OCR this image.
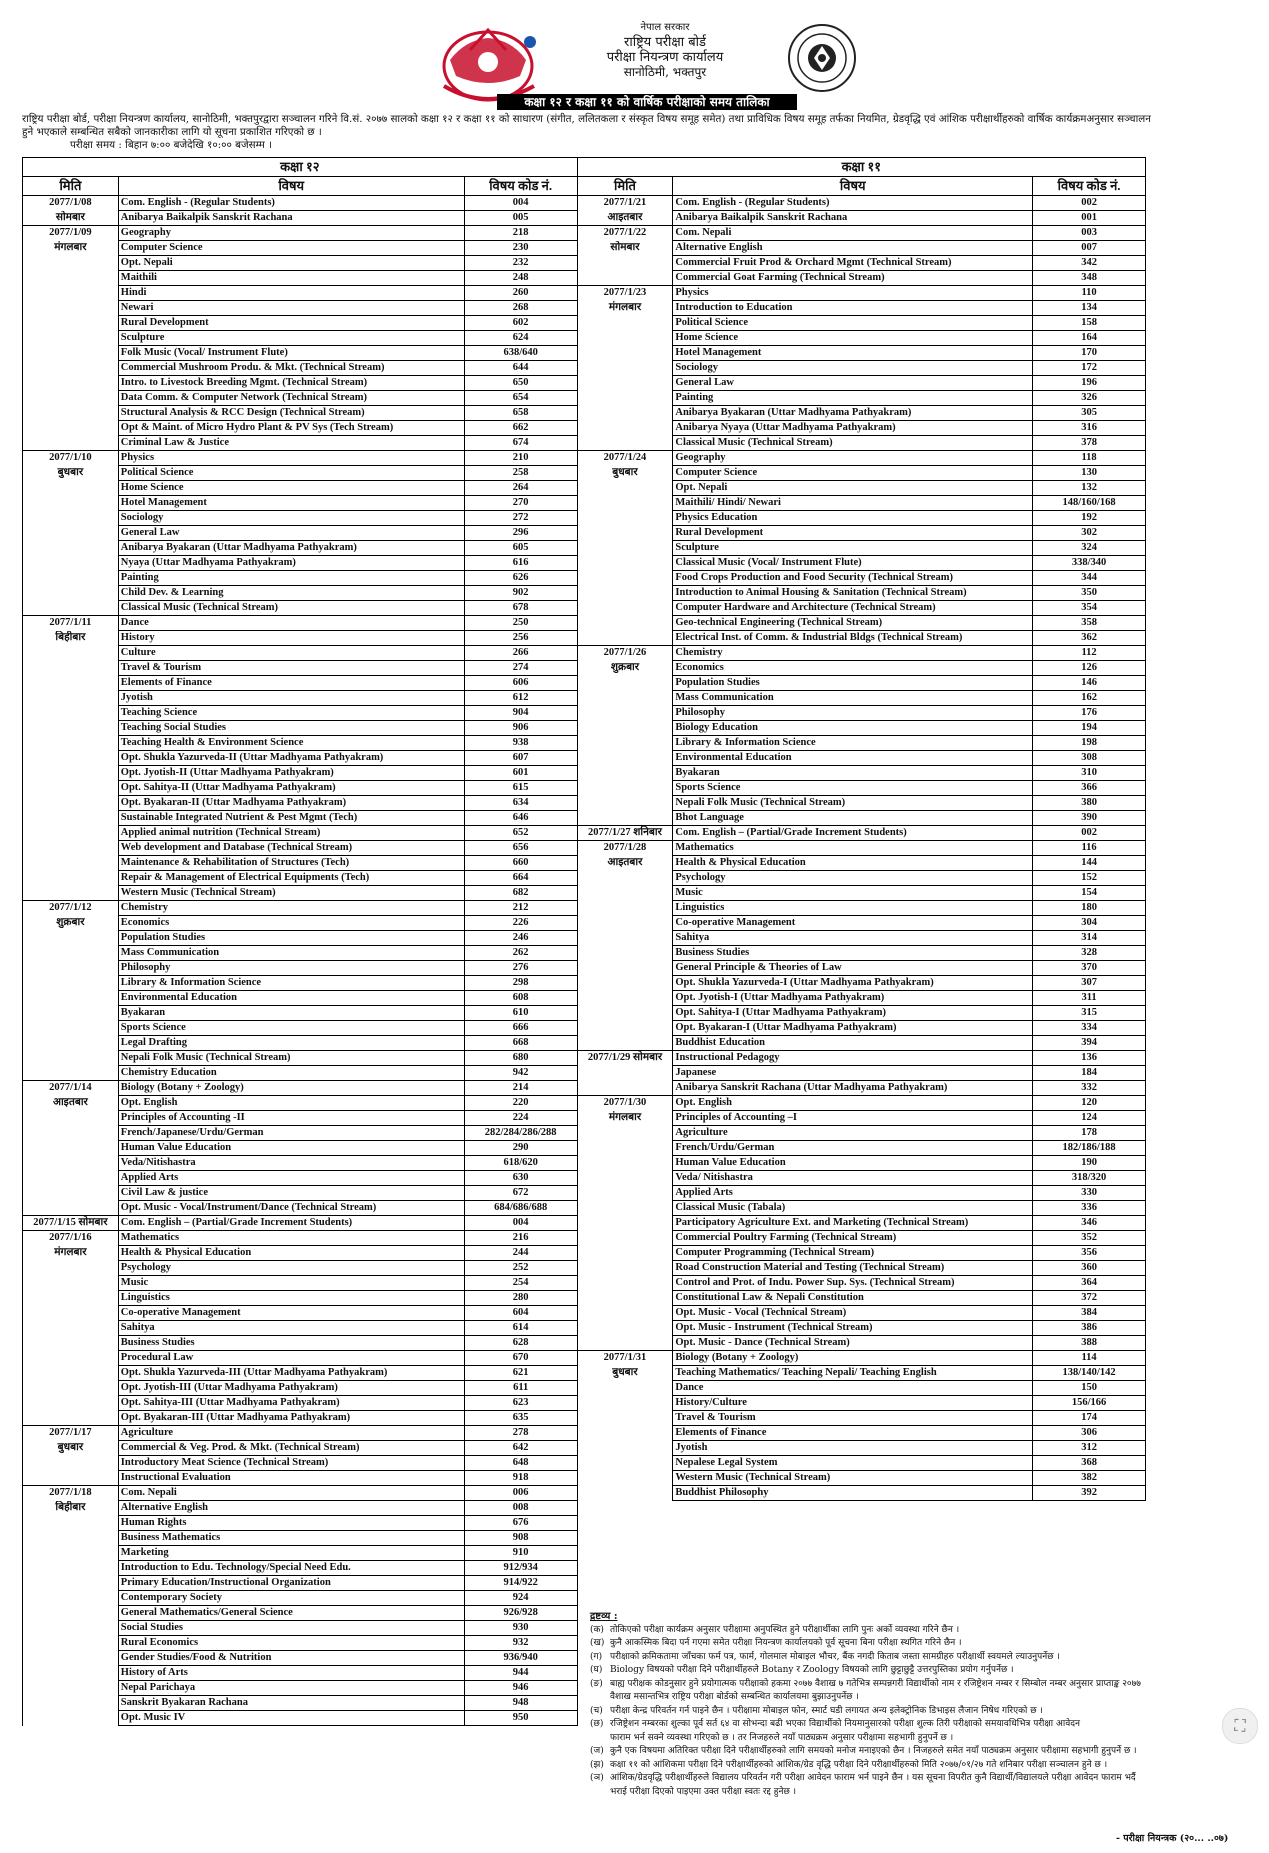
नेपाल सरकार
राष्ट्रिय परीक्षा बोर्ड
परीक्षा नियन्त्रण कार्यालय
सानोठिमी, भक्तपुर
कक्षा १२ र कक्षा ११ को वार्षिक परीक्षाको समय तालिका
राष्ट्रिय परीक्षा बोर्ड, परीक्षा नियन्त्रण कार्यालय, सानोठिमी, भक्तपुरद्वारा सञ्चालन गरिने वि.सं. २०७७ सालको कक्षा १२ र कक्षा ११ को साधारण (संगीत, ललितकला र संस्कृत विषय समूह समेत) तथा प्राविधिक विषय समूह तर्फका नियमित, ग्रेडवृद्धि एवं आंशिक परीक्षार्थीहरुको वार्षिक कार्यक्रमअनुसार सञ्चालन हुने भएकाले सम्बन्धित सबैको जानकारीका लागि यो सूचना प्रकाशित गरिएको छ ।
परीक्षा समय : बिहान ७:०० बजेदेखि १०:०० बजेसम्म ।
कक्षा १२			कक्षा ११		
मिति	विषय	विषय कोड नं.	मिति	विषय	विषय कोड नं.
2077/1/08	Com. English - (Regular Students)	004	2077/1/21	Com. English - (Regular Students)	002
सोमबार	Anibarya Baikalpik Sanskrit Rachana	005	आइतबार	Anibarya Baikalpik Sanskrit Rachana	001
2077/1/09	Geography	218	2077/1/22	Com. Nepali	003
मंगलबार	Computer Science	230	सोमबार	Alternative English	007
	Opt. Nepali	232		Commercial Fruit Prod & Orchard Mgmt (Technical Stream)	342
	Maithili	248		Commercial Goat Farming (Technical Stream)	348
	Hindi	260	2077/1/23	Physics	110
	Newari	268	मंगलबार	Introduction to Education	134
	Rural Development	602		Political Science	158
	Sculpture	624		Home Science	164
	Folk Music (Vocal/ Instrument Flute)	638/640		Hotel Management	170
	Commercial Mushroom Produ. & Mkt. (Technical Stream)	644		Sociology	172
	Intro. to Livestock Breeding Mgmt. (Technical Stream)	650		General Law	196
	Data Comm. & Computer Network (Technical Stream)	654		Painting	326
	Structural Analysis & RCC Design (Technical Stream)	658		Anibarya Byakaran (Uttar Madhyama Pathyakram)	305
	Opt & Maint. of Micro Hydro Plant & PV Sys (Tech Stream)	662		Anibarya Nyaya (Uttar Madhyama Pathyakram)	316
	Criminal Law & Justice	674		Classical Music (Technical Stream)	378
2077/1/10	Physics	210	2077/1/24	Geography	118
बुधबार	Political Science	258	बुधबार	Computer Science	130
	Home Science	264		Opt. Nepali	132
	Hotel Management	270		Maithili/ Hindi/ Newari	148/160/168
	Sociology	272		Physics Education	192
	General Law	296		Rural Development	302
	Anibarya Byakaran (Uttar Madhyama Pathyakram)	605		Sculpture	324
	Nyaya (Uttar Madhyama Pathyakram)	616		Classical Music (Vocal/ Instrument Flute)	338/340
	Painting	626		Food Crops Production and Food Security (Technical Stream)	344
	Child Dev. & Learning	902		Introduction to Animal Housing & Sanitation (Technical Stream)	350
	Classical Music (Technical Stream)	678		Computer Hardware and Architecture (Technical Stream)	354
2077/1/11	Dance	250		Geo-technical Engineering (Technical Stream)	358
बिहीबार	History	256		Electrical Inst. of Comm. & Industrial Bldgs (Technical Stream)	362
	Culture	266	2077/1/26	Chemistry	112
	Travel & Tourism	274	शुक्रबार	Economics	126
	Elements of Finance	606		Population Studies	146
	Jyotish	612		Mass Communication	162
	Teaching Science	904		Philosophy	176
	Teaching Social Studies	906		Biology Education	194
	Teaching Health & Environment Science	938		Library & Information Science	198
	Opt. Shukla Yazurveda-II (Uttar Madhyama Pathyakram)	607		Environmental Education	308
	Opt. Jyotish-II (Uttar Madhyama Pathyakram)	601		Byakaran	310
	Opt. Sahitya-II (Uttar Madhyama Pathyakram)	615		Sports Science	366
	Opt. Byakaran-II (Uttar Madhyama Pathyakram)	634		Nepali Folk Music (Technical Stream)	380
	Sustainable Integrated Nutrient & Pest Mgmt (Tech)	646		Bhot Language	390
	Applied animal nutrition (Technical Stream)	652	2077/1/27 शनिबार	Com. English – (Partial/Grade Increment Students)	002
	Web development and Database (Technical Stream)	656	2077/1/28	Mathematics	116
	Maintenance & Rehabilitation of Structures (Tech)	660	आइतबार	Health & Physical Education	144
	Repair & Management of Electrical Equipments (Tech)	664		Psychology	152
	Western Music (Technical Stream)	682		Music	154
2077/1/12	Chemistry	212		Linguistics	180
शुक्रबार	Economics	226		Co-operative Management	304
	Population Studies	246		Sahitya	314
	Mass Communication	262		Business Studies	328
	Philosophy	276		General Principle & Theories of Law	370
	Library & Information Science	298		Opt. Shukla Yazurveda-I (Uttar Madhyama Pathyakram)	307
	Environmental Education	608		Opt. Jyotish-I (Uttar Madhyama Pathyakram)	311
	Byakaran	610		Opt. Sahitya-I (Uttar Madhyama Pathyakram)	315
	Sports Science	666		Opt. Byakaran-I (Uttar Madhyama Pathyakram)	334
	Legal Drafting	668		Buddhist Education	394
	Nepali Folk Music (Technical Stream)	680	2077/1/29 सोमबार	Instructional Pedagogy	136
	Chemistry Education	942		Japanese	184
2077/1/14	Biology (Botany + Zoology)	214		Anibarya Sanskrit Rachana (Uttar Madhyama Pathyakram)	332
आइतबार	Opt. English	220	2077/1/30	Opt. English	120
	Principles of Accounting -II	224	मंगलबार	Principles of Accounting –I	124
	French/Japanese/Urdu/German	282/284/286/288		Agriculture	178
	Human Value Education	290		French/Urdu/German	182/186/188
	Veda/Nitishastra	618/620		Human Value Education	190
	Applied Arts	630		Veda/ Nitishastra	318/320
	Civil Law & justice	672		Applied Arts	330
	Opt. Music - Vocal/Instrument/Dance (Technical Stream)	684/686/688		Classical Music (Tabala)	336
2077/1/15 सोमबार	Com. English – (Partial/Grade Increment Students)	004		Participatory Agriculture Ext. and Marketing (Technical Stream)	346
2077/1/16	Mathematics	216		Commercial Poultry Farming (Technical Stream)	352
मंगलबार	Health & Physical Education	244		Computer Programming (Technical Stream)	356
	Psychology	252		Road Construction Material and Testing (Technical Stream)	360
	Music	254		Control and Prot. of Indu. Power Sup. Sys. (Technical Stream)	364
	Linguistics	280		Constitutional Law & Nepali Constitution	372
	Co-operative Management	604		Opt. Music - Vocal (Technical Stream)	384
	Sahitya	614		Opt. Music - Instrument (Technical Stream)	386
	Business Studies	628		Opt. Music - Dance (Technical Stream)	388
	Procedural Law	670	2077/1/31	Biology (Botany + Zoology)	114
	Opt. Shukla Yazurveda-III (Uttar Madhyama Pathyakram)	621	बुधबार	Teaching Mathematics/ Teaching Nepali/ Teaching English	138/140/142
	Opt. Jyotish-III (Uttar Madhyama Pathyakram)	611		Dance	150
	Opt. Sahitya-III (Uttar Madhyama Pathyakram)	623		History/Culture	156/166
	Opt. Byakaran-III (Uttar Madhyama Pathyakram)	635		Travel & Tourism	174
2077/1/17	Agriculture	278		Elements of Finance	306
बुधबार	Commercial & Veg. Prod. & Mkt. (Technical Stream)	642		Jyotish	312
	Introductory Meat Science (Technical Stream)	648		Nepalese Legal System	368
	Instructional Evaluation	918		Western Music (Technical Stream)	382
2077/1/18	Com. Nepali	006		Buddhist Philosophy	392
बिहीबार	Alternative English	008			
	Human Rights	676			
	Business Mathematics	908			
	Marketing	910			
	Introduction to Edu. Technology/Special Need Edu.	912/934			
	Primary Education/Instructional Organization	914/922			
	Contemporary Society	924			
	General Mathematics/General Science	926/928			
	Social Studies	930			
	Rural Economics	932			
	Gender Studies/Food & Nutrition	936/940			
	History of Arts	944			
	Nepal Parichaya	946			
	Sanskrit Byakaran Rachana	948			
	Opt. Music IV	950			
द्रष्टव्य :
(क) तोकिएको परीक्षा कार्यक्रम अनुसार परीक्षामा अनुपस्थित हुने परीक्षार्थीका लागि पुनः अर्को व्यवस्था गरिने छैन ।
(ख) कुनै आकस्मिक बिदा पर्न गएमा समेत परीक्षा नियन्त्रण कार्यालयको पूर्व सूचना बिना परीक्षा स्थगित गरिने छैन ।
(ग) परीक्षाको क्रमिकतामा जाँचका फर्म पत्र, फार्म, गोलमाल मोबाइल भौचर, बैंक नगदी किताब जस्ता सामग्रीहरु परीक्षार्थी स्वयमले ल्याउनुपर्नेछ ।
(घ) Biology विषयको परीक्षा दिने परीक्षार्थीहरुले Botany र Zoology विषयको लागि छुट्टाछुट्टै उत्तरपुस्तिका प्रयोग गर्नुपर्नेछ ।
(ङ) बाह्य परीक्षक कोडनुसार हुने प्रयोगात्मक परीक्षाको हकमा २०७७ वैशाख ७ गतेभित्र सम्पन्नगरी विद्यार्थीको नाम र रजिष्ट्रेशन नम्बर र सिम्बोल नम्बर अनुसार प्राप्ताङ्क २०७७
वैशाख मसान्तभित्र राष्ट्रिय परीक्षा बोर्डको सम्बन्धित कार्यालयमा बुझाउनुपर्नेछ ।
(च) परीक्षा केन्द्र परिवर्तन गर्न पाइने छैन । परीक्षामा मोबाइल फोन, स्मार्ट घडी लगायत अन्य इलेक्ट्रोनिक डिभाइस लैजान निषेध गरिएको छ ।
(छ) रजिष्ट्रेशन नम्बरका शुल्का पूर्व सर्त ६४ वा सोभन्दा बढी भएका विद्यार्थीको नियमानुसारको परीक्षा शुल्क तिरी परीक्षाको समयावधिभित्र परीक्षा आवेदन
फाराम भर्न सक्ने व्यवस्था गरिएको छ । तर निजहरुले नयाँ पाठ्यक्रम अनुसार परीक्षामा सहभागी हुनुपर्ने छ ।
(ज) कुनै एक विषयमा अतिरिक्त परीक्षा दिने परीक्षार्थीहरुको लागि समयको मनोज मनाइएको छैन । निजहरुले समेत नयाँ पाठ्यक्रम अनुसार परीक्षामा सहभागी हुनुपर्ने छ ।
(झ) कक्षा ११ को आंशिकमा परीक्षा दिने परीक्षार्थीहरुको आंशिक/ग्रेड वृद्धि परीक्षा दिने परीक्षार्थीहरुको मिति २०७७/०१/२७ गते शनिबार परीक्षा सञ्चालन हुने छ ।
(ञ) आंशिक/ग्रेडवृद्धि परीक्षार्थीहरुले विद्यालय परिवर्तन गरी परीक्षा आवेदन फाराम भर्न पाइने छैन । यस सूचना विपरीत कुनै विद्यार्थी/विद्यालयले परीक्षा आवेदन फाराम भर्दै
भराई परीक्षा दिएको पाइएमा उक्त परीक्षा स्वतः रद्द हुनेछ ।
- परीक्षा नियन्त्रक (२०... ..०७)
⛶
